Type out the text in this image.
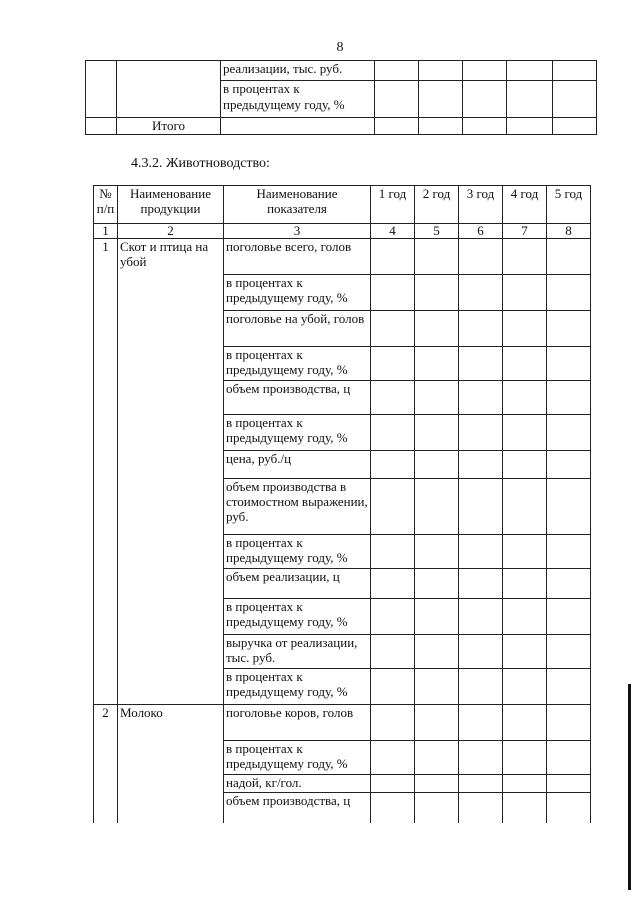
8
		реализации, тыс. руб.					
		в процентах к предыдущему году, %					
	Итого						
4.3.2. Животноводство:
№ п/п	Наименование продукции	Наименование показателя	1 год	2 год	3 год	4 год	5 год
1	2	3	4	5	6	7	8
1	Скот и птица на убой	поголовье всего, голов					
		в процентах к предыдущему году, %					
		поголовье на убой, голов					
		в процентах к предыдущему году, %					
		объем производства, ц					
		в процентах к предыдущему году, %					
		цена, руб./ц					
		объем производства в стоимостном выражении, руб.					
		в процентах к предыдущему году, %					
		объем реализации, ц					
		в процентах к предыдущему году, %					
		выручка от реализации, тыс. руб.					
		в процентах к предыдущему году, %					
2	Молоко	поголовье коров, голов					
		в процентах к предыдущему году, %					
		надой, кг/гол.					
		объем производства, ц					
